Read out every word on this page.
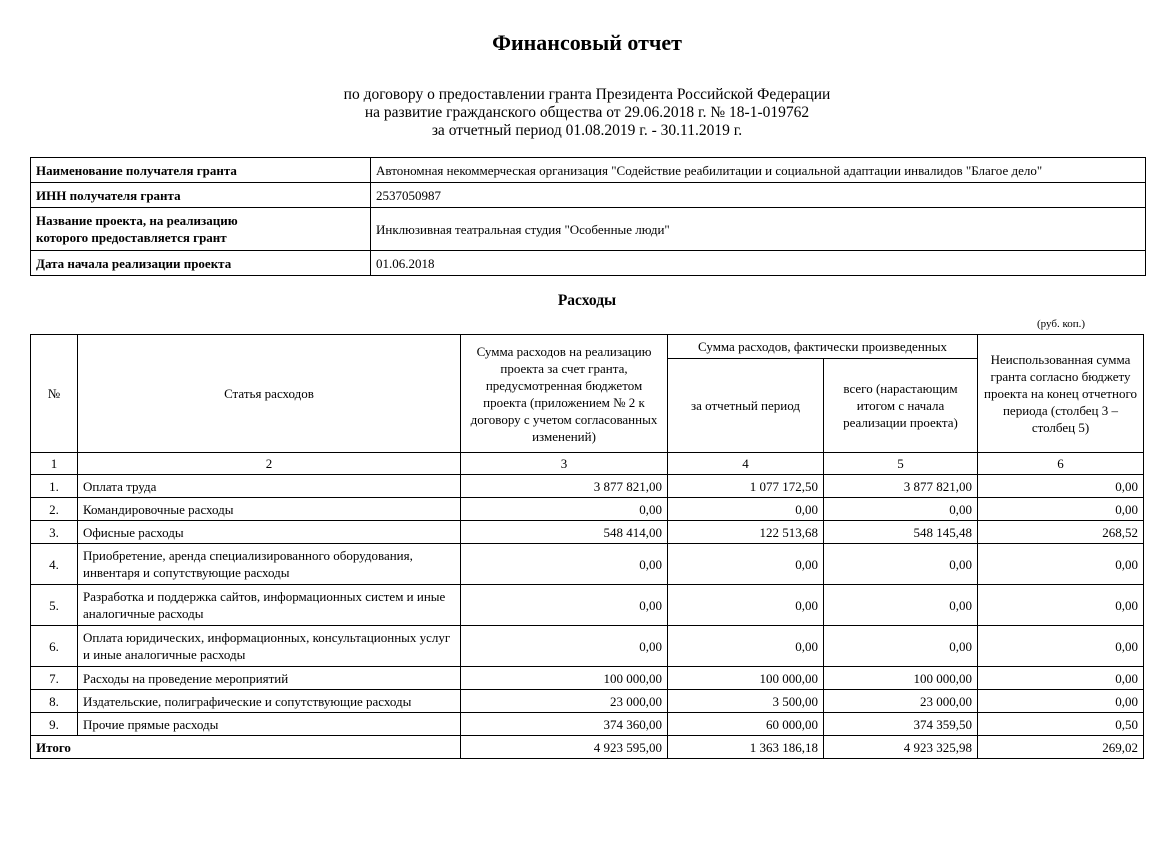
Финансовый отчет
по договору о предоставлении гранта Президента Российской Федерации
на развитие гражданского общества от 29.06.2018 г. № 18-1-019762
за отчетный период 01.08.2019 г. - 30.11.2019 г.
Наименование получателя гранта	Автономная некоммерческая организация "Содействие реабилитации и социальной адаптации инвалидов "Благое дело"
ИНН получателя гранта	2537050987

Название проекта, на реализацию
которого предоставляется грант	Инклюзивная театральная студия "Особенные люди"
Дата начала реализации проекта	01.06.2018
Расходы
(руб. коп.)
№	Статья расходов	Сумма расходов на реализацию проекта за счет гранта, предусмотренная бюджетом проекта (приложением № 2 к договору с учетом согласованных изменений)	Сумма расходов, фактически произведенных		Неиспользованная сумма гранта согласно бюджету проекта на конец отчетного периода (столбец 3 – столбец 5)
			за отчетный период	всего (нарастающим итогом с начала реализации проекта)	
1	2	3	4	5	6
1.	Оплата труда	3 877 821,00	1 077 172,50	3 877 821,00	0,00
2.	Командировочные расходы	0,00	0,00	0,00	0,00
3.	Офисные расходы	548 414,00	122 513,68	548 145,48	268,52
4.	Приобретение, аренда специализированного оборудования, инвентаря и сопутствующие расходы	0,00	0,00	0,00	0,00
5.	Разработка и поддержка сайтов, информационных систем и иные аналогичные расходы	0,00	0,00	0,00	0,00
6.	Оплата юридических, информационных, консультационных услуг и иные аналогичные расходы	0,00	0,00	0,00	0,00
7.	Расходы на проведение мероприятий	100 000,00	100 000,00	100 000,00	0,00
8.	Издательские, полиграфические и сопутствующие расходы	23 000,00	3 500,00	23 000,00	0,00
9.	Прочие прямые расходы	374 360,00	60 000,00	374 359,50	0,50
Итого		4 923 595,00	1 363 186,18	4 923 325,98	269,02
